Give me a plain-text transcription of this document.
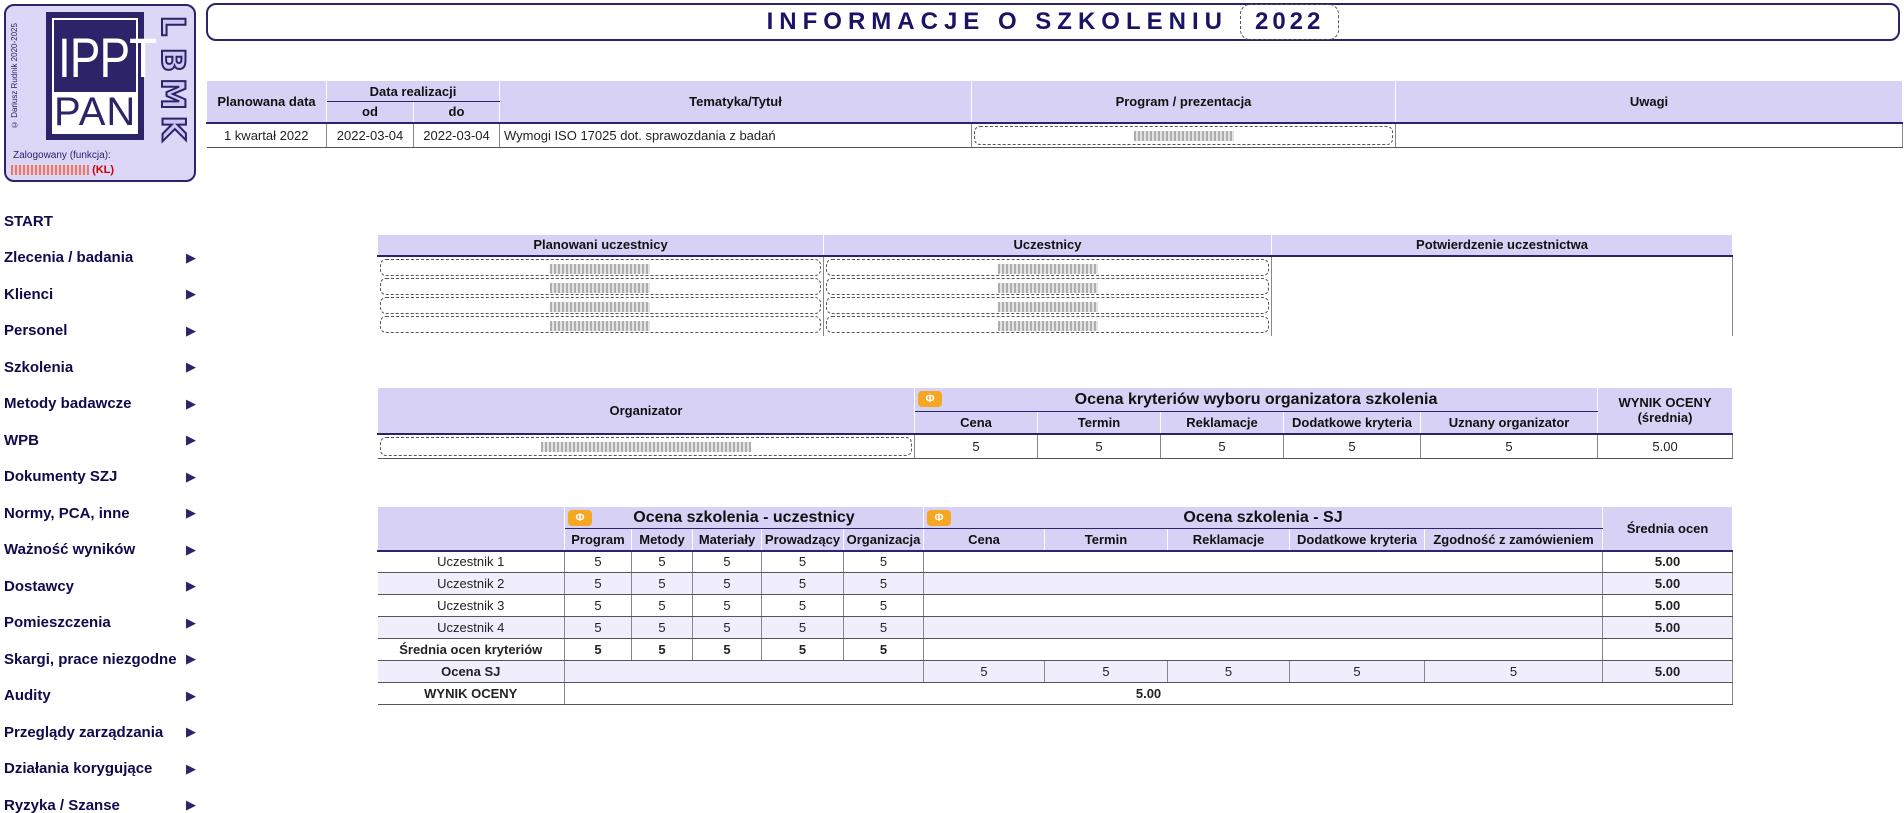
© Dariusz Rudnik 2020-2025 IPPT
PAN
L
B
M
K
Zalogowany (funkcja):
(KL)
START
Zlecenia / badania	▶
Klienci	▶
Personel	▶
Szkolenia	▶
Metody badawcze	▶
WPB	▶
Dokumenty SZJ	▶
Normy, PCA, inne	▶
Ważność wyników	▶
Dostawcy	▶
Pomieszczenia	▶
Skargi, prace niezgodne ▶
Audity	▶
Przeglądy zarządzania ▶
Działania korygujące	▶
Ryzyka / Szanse	▶
INFORMACJE O SZKOLENIU	2022
Planowana data	Data realizacji		Tematyka/Tytuł	Program / prezentacja	Uwagi
	od	do			
1 kwartał 2022	2022-03-04	2022-03-04	Wymogi ISO 17025 dot. sprawozdania z badań	

Planowani uczestnicy	Uczestnicy	Potwierdzenie uczestnictwa

Organizator	Φ Ocena kryteriów wyboru organizatora szkolenia					WYNIK OCENY (średnia)
	Cena	Termin	Reklamacje	Dodatkowe kryteria	Uznany organizator	

	5	5	5	5	5	5.00

	Φ Ocena szkolenia - uczestnicy					Φ Ocena szkolenia - SJ					Średnia ocen
	Program	Metody	Materiały	Prowadzący	Organizacja	Cena	Termin	Reklamacje	Dodatkowe kryteria	Zgodność z zamówieniem	
Uczestnik 1	5	5	5	5	5						5.00
Uczestnik 2	5	5	5	5	5						5.00
Uczestnik 3	5	5	5	5	5						5.00
Uczestnik 4	5	5	5	5	5						5.00
Średnia ocen kryteriów	5	5	5	5	5						
Ocena SJ						5	5	5	5	5	5.00
WYNIK OCENY	5.00										
